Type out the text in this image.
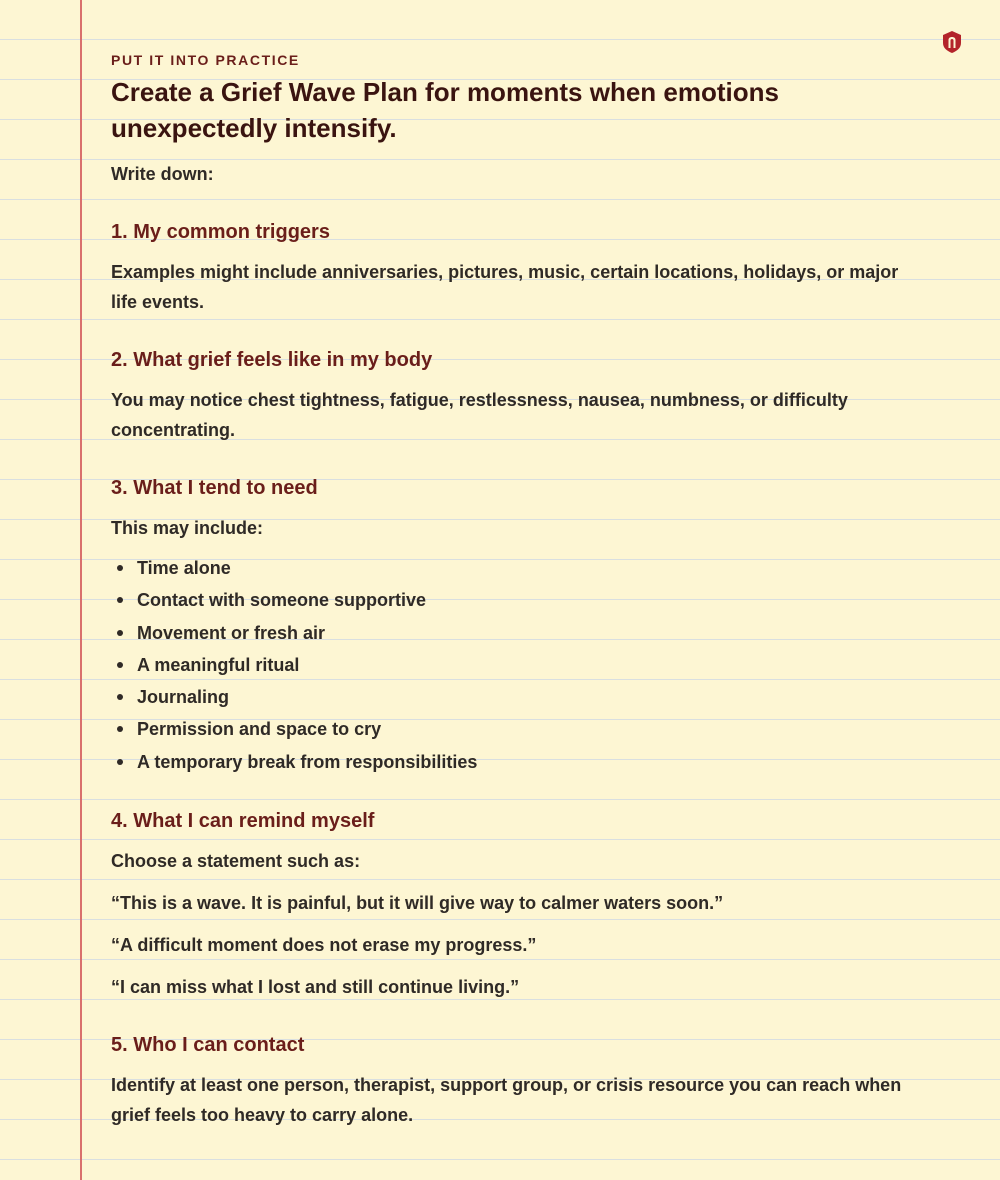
PUT IT INTO PRACTICE
Create a Grief Wave Plan for moments when emotions unexpectedly intensify.

Write down:

1. My common triggers

Examples might include anniversaries, pictures, music, certain locations, holidays, or major life events.

2. What grief feels like in my body

You may notice chest tightness, fatigue, restlessness, nausea, numbness, or difficulty concentrating.

3. What I tend to need

This may include:

Time alone
Contact with someone supportive
Movement or fresh air
A meaningful ritual
Journaling
Permission and space to cry
A temporary break from responsibilities
4. What I can remind myself

Choose a statement such as:

“This is a wave. It is painful, but it will give way to calmer waters soon.”

“A difficult moment does not erase my progress.”

“I can miss what I lost and still continue living.”

5. Who I can contact

Identify at least one person, therapist, support group, or crisis resource you can reach when grief feels too heavy to carry alone.
